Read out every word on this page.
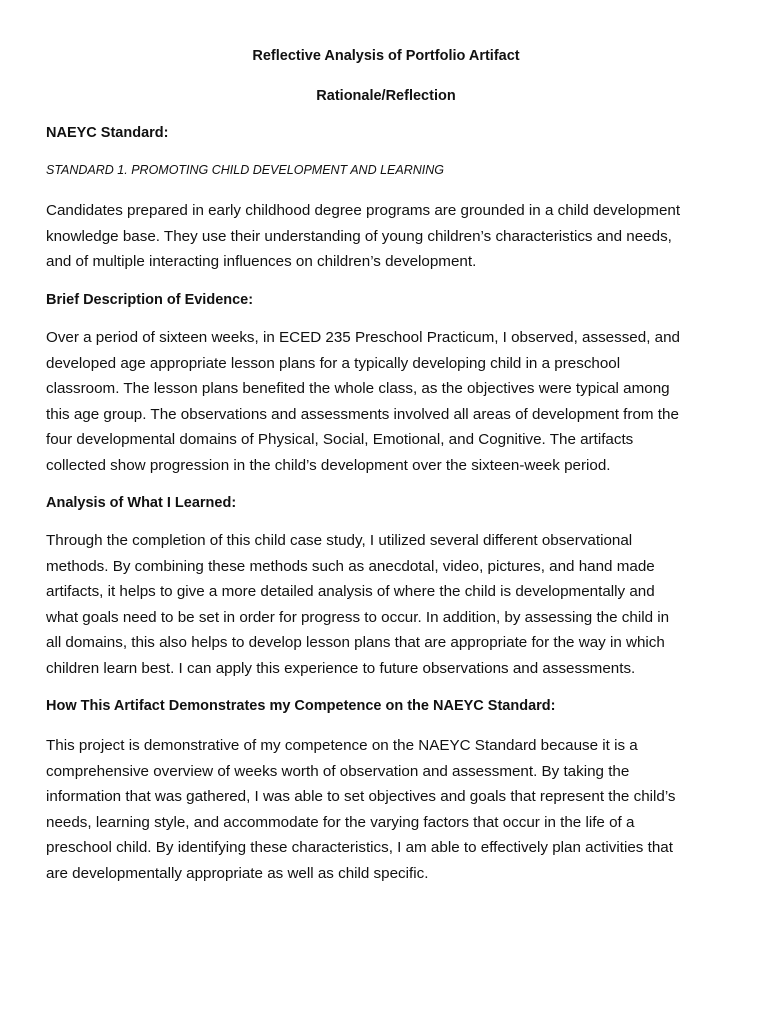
Reflective Analysis of Portfolio Artifact

Rationale/Reflection

NAEYC Standard:

STANDARD 1. PROMOTING CHILD DEVELOPMENT AND LEARNING

Candidates prepared in early childhood degree programs are grounded in a child development
knowledge base. They use their understanding of young children’s characteristics and needs,
and of multiple interacting influences on children’s development.

Brief Description of Evidence:

Over a period of sixteen weeks, in ECED 235 Preschool Practicum, I observed, assessed, and
developed age appropriate lesson plans for a typically developing child in a preschool
classroom. The lesson plans benefited the whole class, as the objectives were typical among
this age group. The observations and assessments involved all areas of development from the
four developmental domains of Physical, Social, Emotional, and Cognitive. The artifacts
collected show progression in the child’s development over the sixteen-week period.

Analysis of What I Learned:

Through the completion of this child case study, I utilized several different observational
methods. By combining these methods such as anecdotal, video, pictures, and hand made
artifacts, it helps to give a more detailed analysis of where the child is developmentally and
what goals need to be set in order for progress to occur. In addition, by assessing the child in
all domains, this also helps to develop lesson plans that are appropriate for the way in which
children learn best. I can apply this experience to future observations and assessments.

How This Artifact Demonstrates my Competence on the NAEYC Standard:

This project is demonstrative of my competence on the NAEYC Standard because it is a
comprehensive overview of weeks worth of observation and assessment. By taking the
information that was gathered, I was able to set objectives and goals that represent the child’s
needs, learning style, and accommodate for the varying factors that occur in the life of a
preschool child. By identifying these characteristics, I am able to effectively plan activities that
are developmentally appropriate as well as child specific.
